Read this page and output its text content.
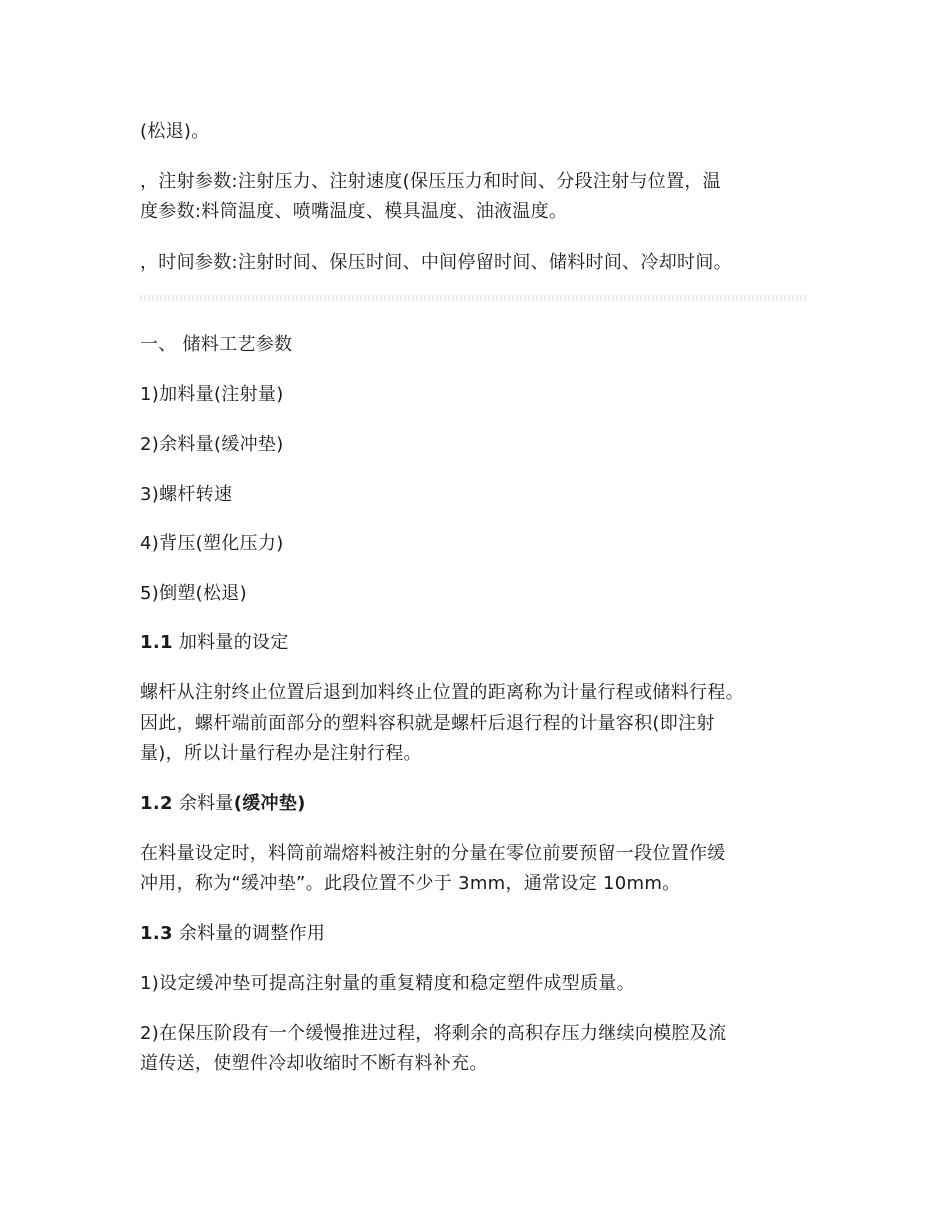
(松退)。
，注射参数:注射压力、注射速度(保压压力和时间、分段注射与位置，温
度参数:料筒温度、喷嘴温度、模具温度、油液温度。
，时间参数:注射时间、保压时间、中间停留时间、储料时间、冷却时间。
一、 储料工艺参数
1)加料量(注射量)
2)余料量(缓冲垫)
3)螺杆转速
4)背压(塑化压力)
5)倒塑(松退)
1.1 加料量的设定
螺杆从注射终止位置后退到加料终止位置的距离称为计量行程或储料行程。
因此，螺杆端前面部分的塑料容积就是螺杆后退行程的计量容积(即注射
量)，所以计量行程办是注射行程。
1.2 余料量(缓冲垫)
在料量设定时，料筒前端熔料被注射的分量在零位前要预留一段位置作缓
冲用，称为“缓冲垫”。此段位置不少于 3mm，通常设定 10mm。
1.3 余料量的调整作用
1)设定缓冲垫可提高注射量的重复精度和稳定塑件成型质量。
2)在保压阶段有一个缓慢推进过程，将剩余的高积存压力继续向模腔及流
道传送，使塑件冷却收缩时不断有料补充。
